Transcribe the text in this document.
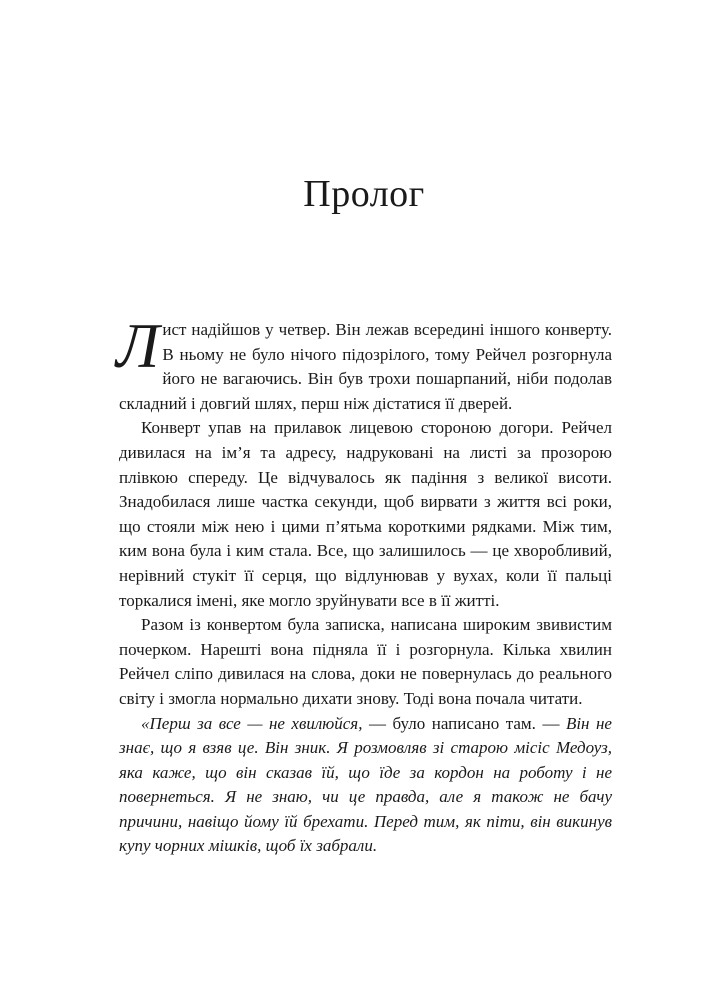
Пролог

Лист надійшов у четвер. Він лежав всередині іншого конверту. В ньому не було нічого підозрілого, тому Рейчел розгорнула його не вагаючись. Він був трохи пошарпаний, ніби подолав складний і довгий шлях, перш ніж дістатися її дверей.

Конверт упав на прилавок лицевою стороною догори. Рейчел дивилася на ім’я та адресу, надруковані на листі за прозорою плівкою спереду. Це відчувалось як падіння з великої висоти. Знадобилася лише частка секунди, щоб вирвати з життя всі роки, що стояли між нею і цими п’ятьма короткими рядками. Між тим, ким вона була і ким стала. Все, що залишилось — це хворобливий, нерівний стукіт її серця, що відлунював у вухах, коли її пальці торкалися імені, яке могло зруйнувати все в її житті.

Разом із конвертом була записка, написана широким звивистим почерком. Нарешті вона підняла її і розгорнула. Кілька хвилин Рейчел сліпо дивилася на слова, доки не повернулась до реального світу і змогла нормально дихати знову. Тоді вона почала читати.

«Перш за все — не хвилюйся, — було написано там. — Він не знає, що я взяв це. Він зник. Я розмовляв зі старою місіс Медоуз, яка каже, що він сказав їй, що їде за кордон на роботу і не повернеться. Я не знаю, чи це правда, але я також не бачу причини, навіщо йому їй брехати. Перед тим, як піти, він викинув купу чорних мішків, щоб їх забрали.
